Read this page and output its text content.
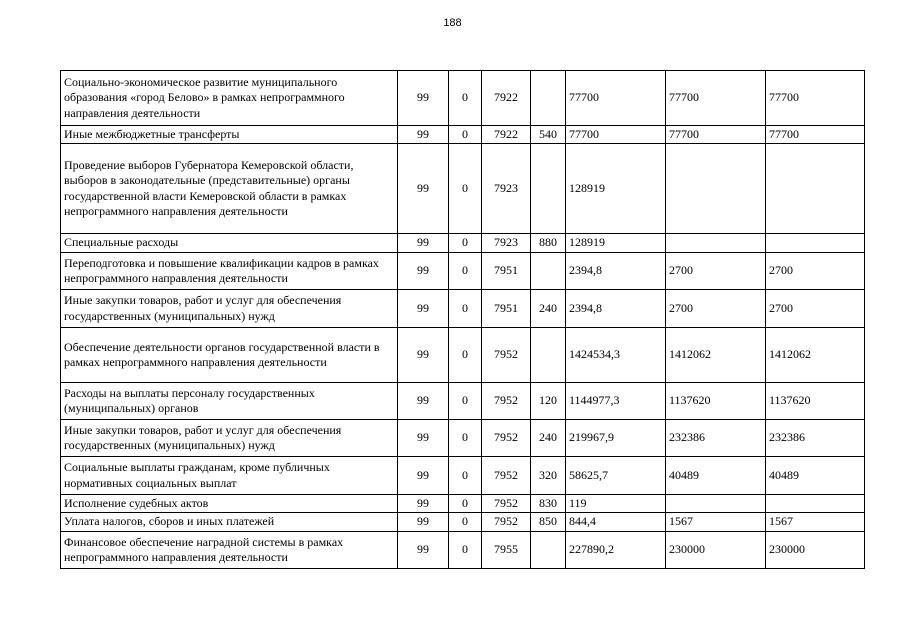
188
Социально-экономическое развитие муниципального образования «город Белово» в рамках непрограммного направления деятельности	99	0	7922		77700	77700	77700
Иные межбюджетные трансферты	99	0	7922	540	77700	77700	77700
Проведение выборов Губернатора Кемеровской области, выборов в законодательные (представительные) органы государственной власти Кемеровской области в рамках непрограммного направления деятельности	99	0	7923		128919		
Специальные расходы	99	0	7923	880	128919		
Переподготовка и повышение квалификации кадров в рамках непрограммного направления деятельности	99	0	7951		2394,8	2700	2700
Иные закупки товаров, работ и услуг для обеспечения государственных (муниципальных) нужд	99	0	7951	240	2394,8	2700	2700
Обеспечение деятельности органов государственной власти в рамках непрограммного направления деятельности	99	0	7952		1424534,3	1412062	1412062
Расходы на выплаты персоналу государственных (муниципальных) органов	99	0	7952	120	1144977,3	1137620	1137620
Иные закупки товаров, работ и услуг для обеспечения государственных (муниципальных) нужд	99	0	7952	240	219967,9	232386	232386
Социальные выплаты гражданам, кроме публичных нормативных социальных выплат	99	0	7952	320	58625,7	40489	40489
Исполнение судебных актов	99	0	7952	830	119		
Уплата налогов, сборов и иных платежей	99	0	7952	850	844,4	1567	1567
Финансовое обеспечение наградной системы в рамках непрограммного направления деятельности	99	0	7955		227890,2	230000	230000
